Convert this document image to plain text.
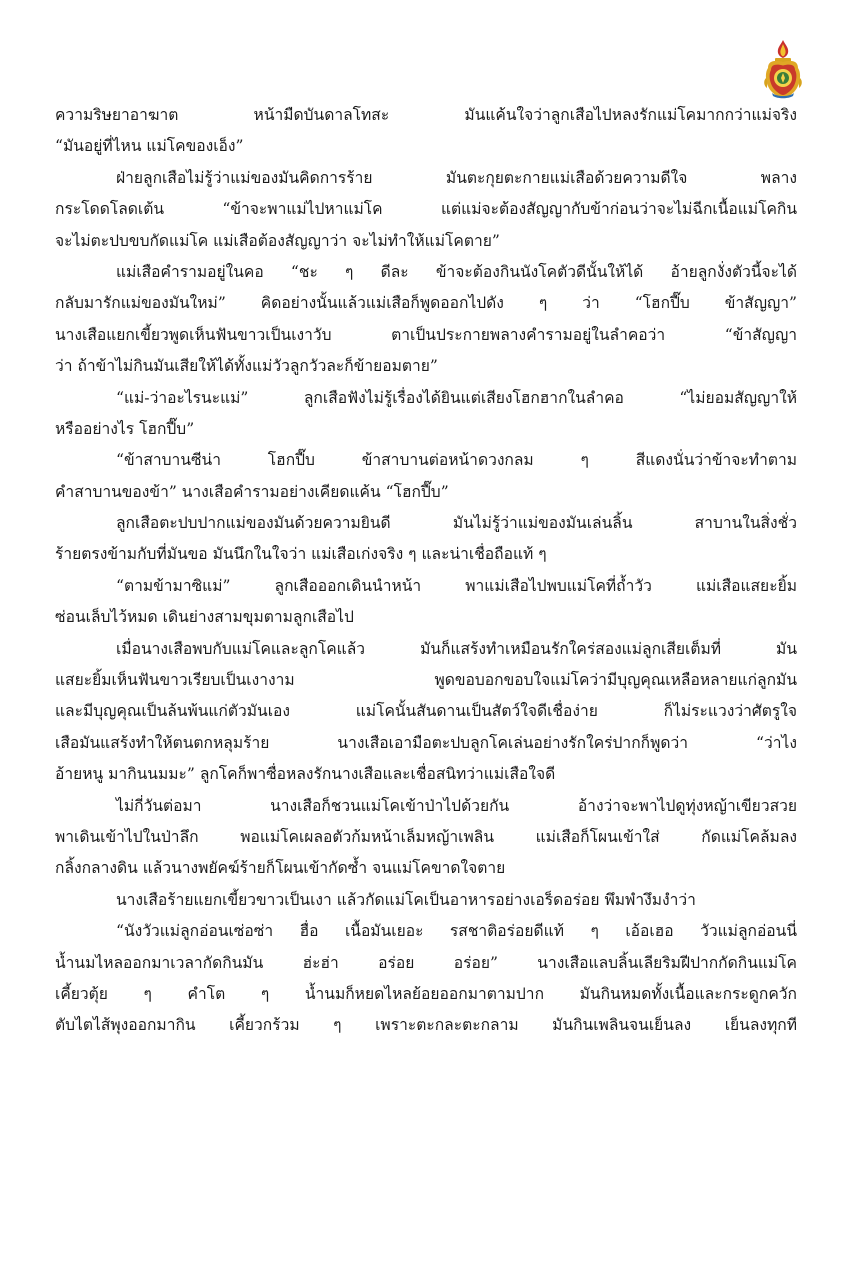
ความริษยาอาฆาต หน้ามืดบันดาลโทสะ มันแค้นใจว่าลูกเสือไปหลงรักแม่โคมากกว่าแม่จริง
“มันอยู่ที่ไหน แม่โคของเอ็ง”
ฝ่ายลูกเสือไม่รู้ว่าแม่ของมันคิดการร้าย มันตะกุยตะกายแม่เสือด้วยความดีใจ พลาง
กระโดดโลดเต้น “ข้าจะพาแม่ไปหาแม่โค แต่แม่จะต้องสัญญากับข้าก่อนว่าจะไม่ฉีกเนื้อแม่โคกิน
จะไม่ตะปบขบกัดแม่โค แม่เสือต้องสัญญาว่า จะไม่ทำให้แม่โคตาย”
แม่เสือคำรามอยู่ในคอ “ชะ ๆ ดีละ ข้าจะต้องกินนังโคตัวดีนั้นให้ได้ อ้ายลูกงั่งตัวนี้จะได้
กลับมารักแม่ของมันใหม่” คิดอย่างนั้นแล้วแม่เสือก็พูดออกไปดัง ๆ ว่า “โฮกปี๊บ ข้าสัญญา”
นางเสือแยกเขี้ยวพูดเห็นฟันขาวเป็นเงาวับ ตาเป็นประกายพลางคำรามอยู่ในลำคอว่า “ข้าสัญญา
ว่า ถ้าข้าไม่กินมันเสียให้ได้ทั้งแม่วัวลูกวัวละก็ข้ายอมตาย”
“แม่-ว่าอะไรนะแม่” ลูกเสือฟังไม่รู้เรื่องได้ยินแต่เสียงโฮกฮากในลำคอ “ไม่ยอมสัญญาให้
หรืออย่างไร โฮกปี๊บ”
“ข้าสาบานซีน่า โฮกปี๊บ ข้าสาบานต่อหน้าดวงกลม ๆ สีแดงนั่นว่าข้าจะทำตาม
คำสาบานของข้า” นางเสือคำรามอย่างเคียดแค้น “โฮกปี๊บ”
ลูกเสือตะปบปากแม่ของมันด้วยความยินดี มันไม่รู้ว่าแม่ของมันเล่นลิ้น สาบานในสิ่งชั่ว
ร้ายตรงข้ามกับที่มันขอ มันนึกในใจว่า แม่เสือเก่งจริง ๆ และน่าเชื่อถือแท้ ๆ
“ตามข้ามาซิแม่” ลูกเสือออกเดินนำหน้า พาแม่เสือไปพบแม่โคที่ถ้ำวัว แม่เสือแสยะยิ้ม
ซ่อนเล็บไว้หมด เดินย่างสามขุมตามลูกเสือไป
เมื่อนางเสือพบกับแม่โคและลูกโคแล้ว มันก็แสร้งทำเหมือนรักใคร่สองแม่ลูกเสียเต็มที่ มัน
แสยะยิ้มเห็นฟันขาวเรียบเป็นเงางาม พูดขอบอกขอบใจแม่โคว่ามีบุญคุณเหลือหลายแก่ลูกมัน
และมีบุญคุณเป็นล้นพ้นแก่ตัวมันเอง แม่โคนั้นสันดานเป็นสัตว์ใจดีเชื่อง่าย ก็ไม่ระแวงว่าศัตรูใจ
เสือมันแสร้งทำให้ตนตกหลุมร้าย นางเสือเอามือตะปบลูกโคเล่นอย่างรักใคร่ปากก็พูดว่า “ว่าไง
อ้ายหนู มากินนมมะ” ลูกโคก็พาซื่อหลงรักนางเสือและเชื่อสนิทว่าแม่เสือใจดี
ไม่กี่วันต่อมา นางเสือก็ชวนแม่โคเข้าป่าไปด้วยกัน อ้างว่าจะพาไปดูทุ่งหญ้าเขียวสวย
พาเดินเข้าไปในป่าลึก พอแม่โคเผลอตัวก้มหน้าเล็มหญ้าเพลิน แม่เสือก็โผนเข้าใส่ กัดแม่โคล้มลง
กลิ้งกลางดิน แล้วนางพยัคฆ์ร้ายก็โผนเข้ากัดซ้ำ จนแม่โคขาดใจตาย
นางเสือร้ายแยกเขี้ยวขาวเป็นเงา แล้วกัดแม่โคเป็นอาหารอย่างเอร็ดอร่อย พึมพำงึมงำว่า
“นังวัวแม่ลูกอ่อนเซ่อซ่า ฮื่อ เนื้อมันเยอะ รสชาติอร่อยดีแท้ ๆ เอ้อเฮอ วัวแม่ลูกอ่อนนี่
น้ำนมไหลออกมาเวลากัดกินมัน ฮ่ะฮ่า อร่อย อร่อย” นางเสือแลบลิ้นเลียริมฝีปากกัดกินแม่โค
เคี้ยวตุ้ย ๆ คำโต ๆ น้ำนมก็หยดไหลย้อยออกมาตามปาก มันกินหมดทั้งเนื้อและกระดูกควัก
ตับไตไส้พุงออกมากิน เคี้ยวกร้วม ๆ เพราะตะกละตะกลาม มันกินเพลินจนเย็นลง เย็นลงทุกที
